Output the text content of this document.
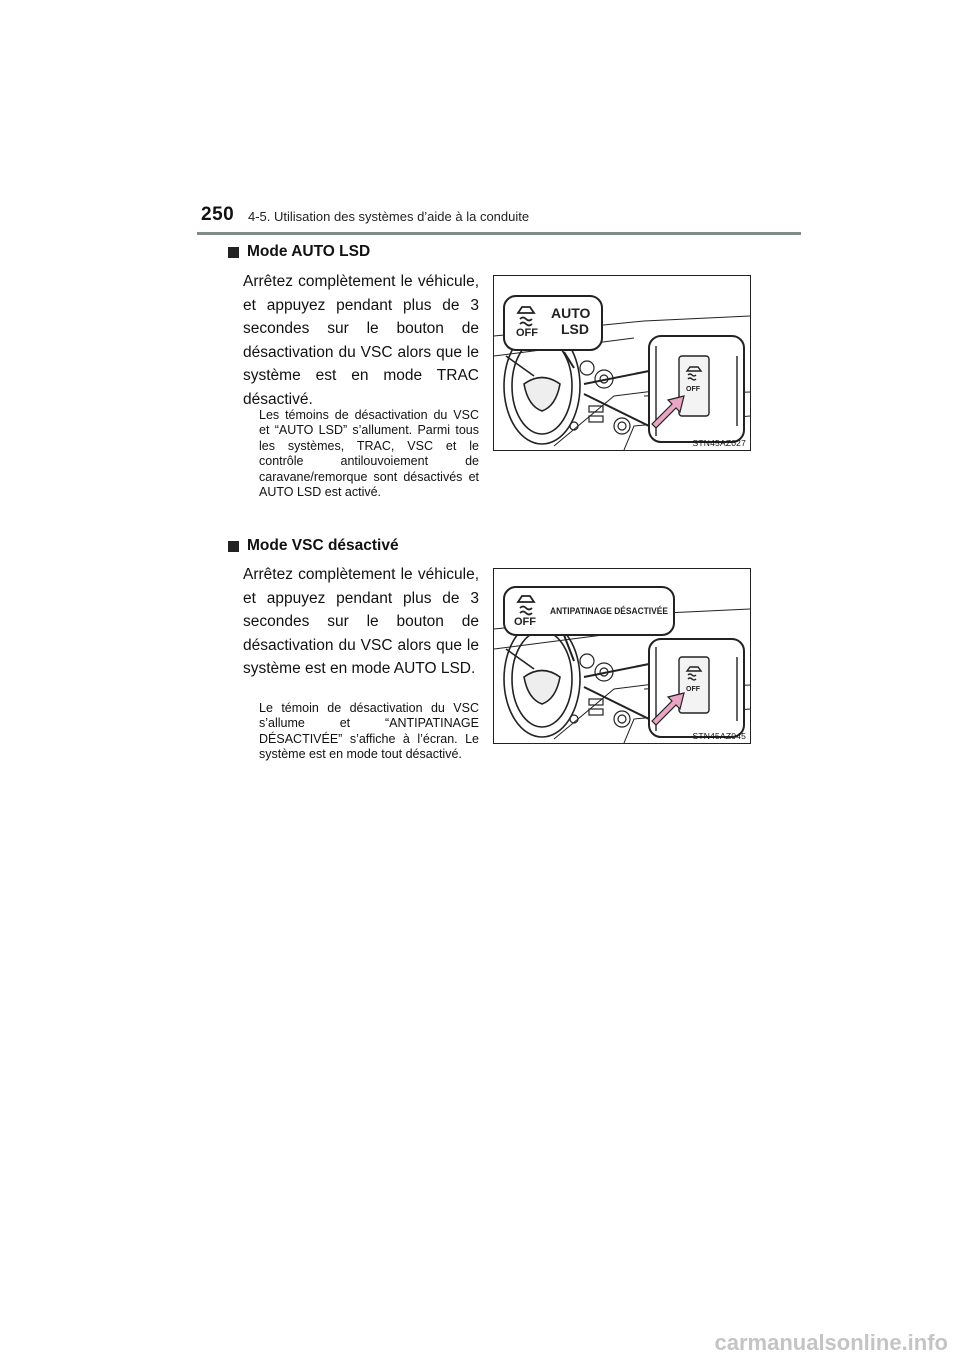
250 4-5. Utilisation des systèmes d’aide à la conduite
Mode AUTO LSD
Arrêtez complètement le véhicule, et appuyez pendant plus de 3 secondes sur le bouton de désactivation du VSC alors que le système est en mode TRAC désactivé.
Les témoins de désactivation du VSC et “AUTO LSD” s’allument. Parmi tous les systèmes, TRAC, VSC et le contrôle antilouvoiement de caravane/remorque sont désactivés et AUTO LSD est activé.
OFF
AUTO
LSD
OFF
STN45AZ027
Mode VSC désactivé
Arrêtez complètement le véhicule, et appuyez pendant plus de 3 secondes sur le bouton de désactivation du VSC alors que le système est en mode AUTO LSD.
Le témoin de désactivation du VSC s’allume et “ANTIPATINAGE DÉSACTIVÉE” s’affiche à l’écran. Le système est en mode tout désactivé.
OFF
ANTIPATINAGE DÉSACTIVÉE
OFF
STN45AZ045
carmanualsonline.info
